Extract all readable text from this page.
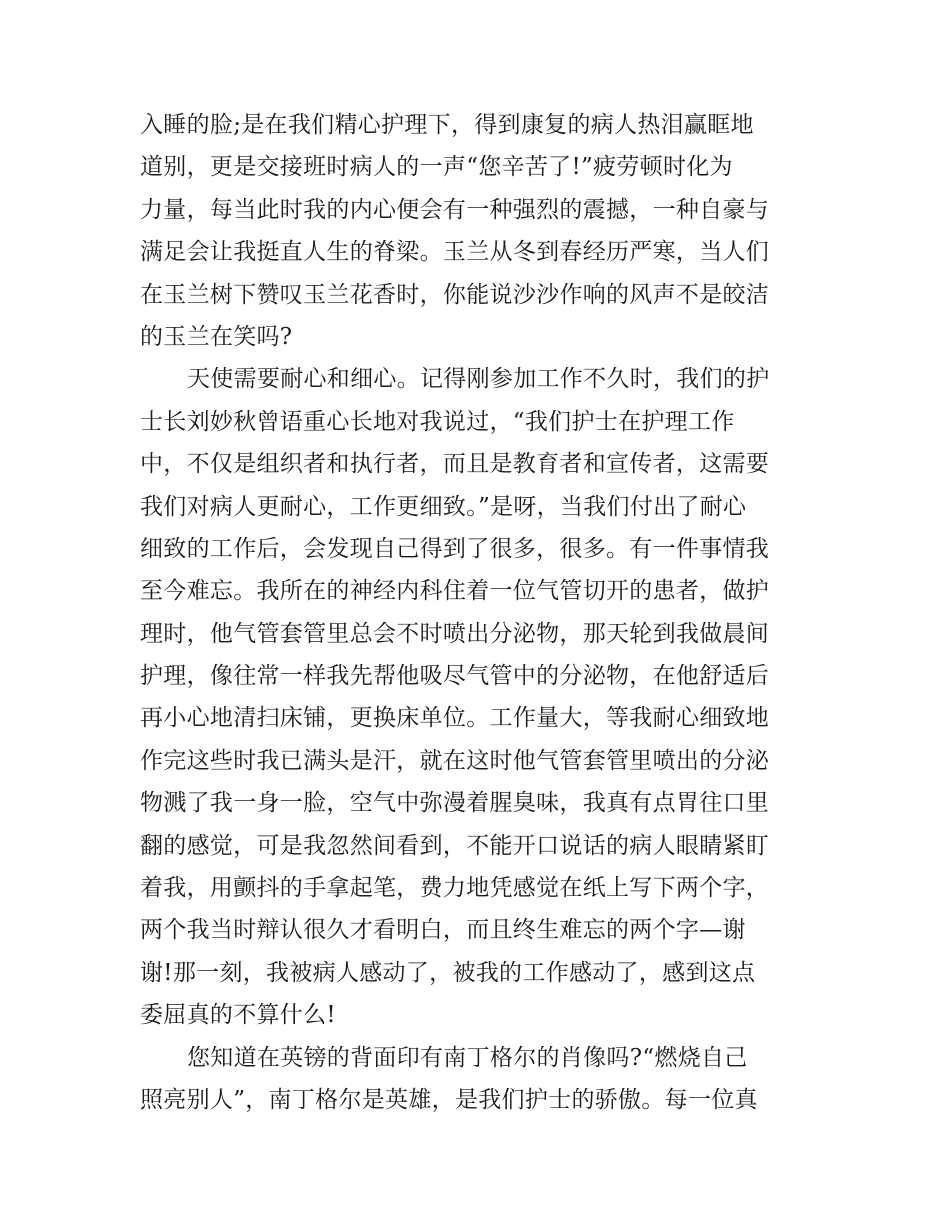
入睡的脸;是在我们精心护理下，得到康复的病人热泪赢眶地
道别，更是交接班时病人的一声“您辛苦了!”疲劳顿时化为
力量，每当此时我的内心便会有一种强烈的震撼，一种自豪与
满足会让我挺直人生的脊梁。玉兰从冬到春经历严寒，当人们
在玉兰树下赞叹玉兰花香时，你能说沙沙作响的风声不是皎洁
的玉兰在笑吗?
天使需要耐心和细心。记得刚参加工作不久时，我们的护
士长刘妙秋曾语重心长地对我说过，“我们护士在护理工作
中，不仅是组织者和执行者，而且是教育者和宣传者，这需要
我们对病人更耐心，工作更细致。”是呀，当我们付出了耐心
细致的工作后，会发现自己得到了很多，很多。有一件事情我
至今难忘。我所在的神经内科住着一位气管切开的患者，做护
理时，他气管套管里总会不时喷出分泌物，那天轮到我做晨间
护理，像往常一样我先帮他吸尽气管中的分泌物，在他舒适后
再小心地清扫床铺，更换床单位。工作量大，等我耐心细致地
作完这些时我已满头是汗，就在这时他气管套管里喷出的分泌
物溅了我一身一脸，空气中弥漫着腥臭味，我真有点胃往口里
翻的感觉，可是我忽然间看到，不能开口说话的病人眼睛紧盯
着我，用颤抖的手拿起笔，费力地凭感觉在纸上写下两个字，
两个我当时辩认很久才看明白，而且终生难忘的两个字—谢
谢!那一刻，我被病人感动了，被我的工作感动了，感到这点
委屈真的不算什么!
您知道在英镑的背面印有南丁格尔的肖像吗?“燃烧自己
照亮别人”，南丁格尔是英雄，是我们护士的骄傲。每一位真
